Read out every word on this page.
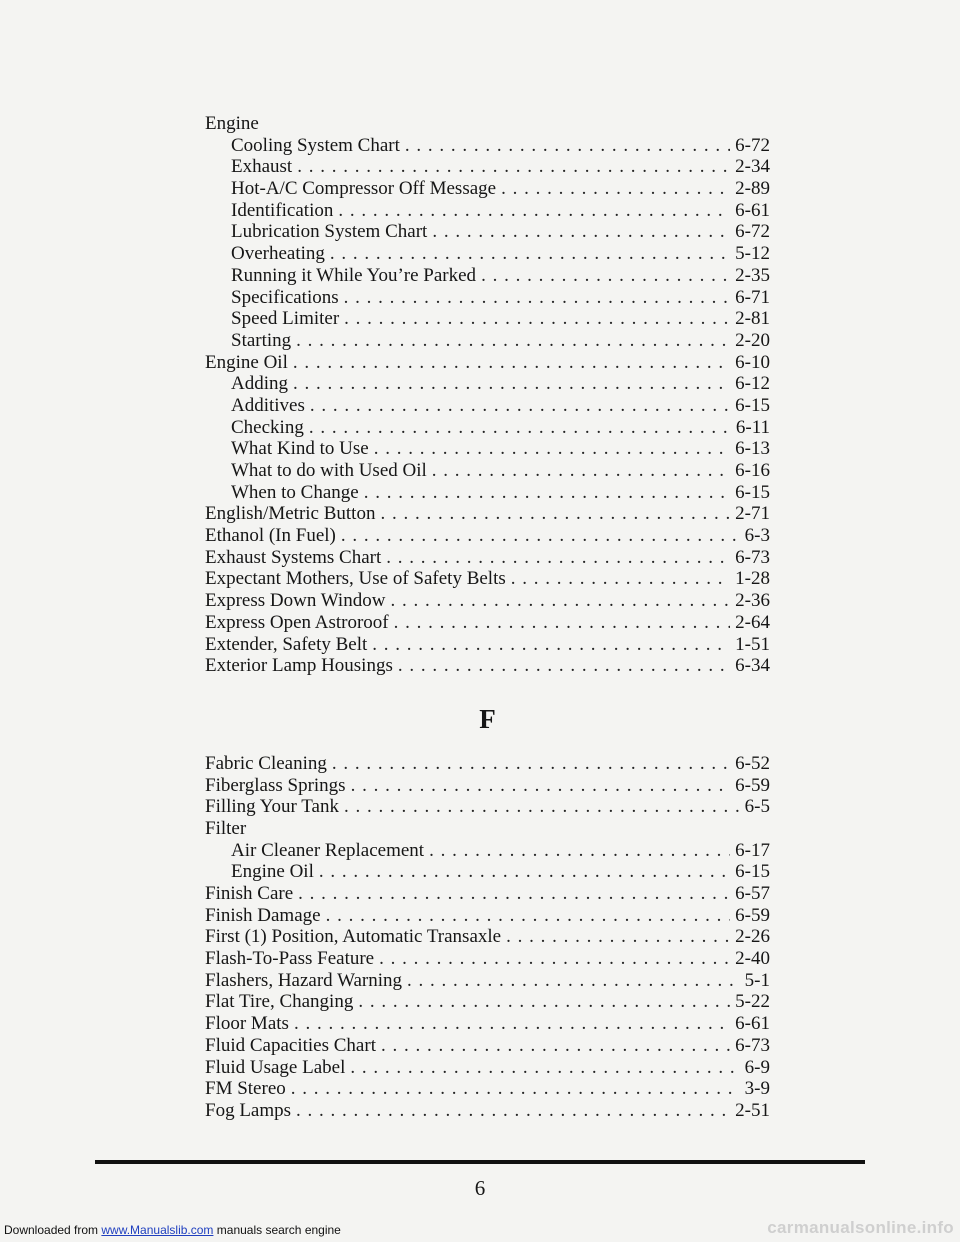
Engine
Cooling System Chart . . .	6-72
Exhaust . . .	2-34
Hot-A/C Compressor Off Message . . .	2-89
Identification . . .	6-61
Lubrication System Chart . . .	6-72
Overheating . . .	5-12
Running it While You’re Parked . . .	2-35
Specifications . . .	6-71
Speed Limiter . . .	2-81
Starting . . .	2-20
Engine Oil . . .	6-10
Adding . . .	6-12
Additives . . .	6-15
Checking . . .	6-11
What Kind to Use . . .	6-13
What to do with Used Oil . . .	6-16
When to Change . . .	6-15
English/Metric Button . . .	2-71
Ethanol (In Fuel) . . .	6-3
Exhaust Systems Chart . . .	6-73
Expectant Mothers, Use of Safety Belts . . .	1-28
Express Down Window . . .	2-36
Express Open Astroroof . . .	2-64
Extender, Safety Belt . . .	1-51
Exterior Lamp Housings . . .	6-34
F
Fabric Cleaning . . .	6-52
Fiberglass Springs . . .	6-59
Filling Your Tank . . .	6-5
Filter
Air Cleaner Replacement . . .	6-17
Engine Oil . . .	6-15
Finish Care . . .	6-57
Finish Damage . . .	6-59
First (1) Position, Automatic Transaxle . . .	2-26
Flash-To-Pass Feature . . .	2-40
Flashers, Hazard Warning . . .	5-1
Flat Tire, Changing . . .	5-22
Floor Mats . . .	6-61
Fluid Capacities Chart . . .	6-73
Fluid Usage Label . . .	6-9
FM Stereo . . .	3-9
Fog Lamps . . .	2-51
6
Downloaded from www.Manualslib.com manuals search engine	carmanualsonline.info
